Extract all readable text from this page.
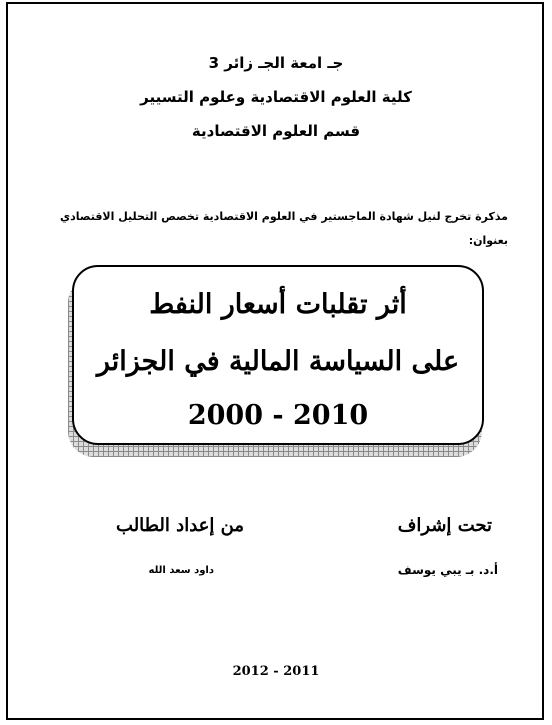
جـ امعة الجـ زائر 3
كلية العلوم الاقتصادية وعلوم التسيير
قسم العلوم الاقتصادية
مذكرة تخرج لنيل شهادة الماجستير في العلوم الاقتصادية تخصص التحليل الاقتصادي بعنوان:
أثر تقلبات أسعار النفط
على السياسة المالية في الجزائر
2010 - 2000
تحت إشراف
أ.د. بـ يبي يوسف
من إعداد الطالب
داود سعد الله
2012 - 2011
